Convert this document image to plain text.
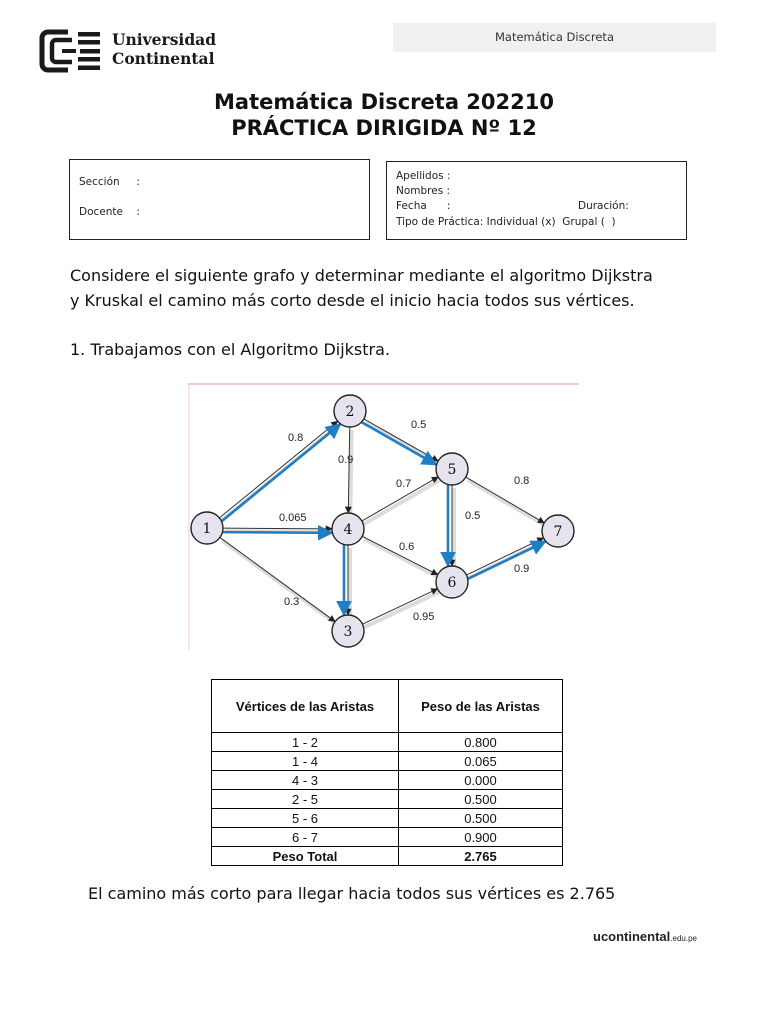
Universidad
Continental
Matemática Discreta
Matemática Discreta 202210
PRÁCTICA DIRIGIDA Nº 12
Sección     :
Docente    :
Apellidos :
Nombres :
Fecha      :	Duración:
Tipo de Práctica: Individual (x)  Grupal (  )
Considere el siguiente grafo y determinar mediante el algoritmo Dijkstra
y Kruskal el camino más corto desde el inicio hacia todos sus vértices.
1. Trabajamos con el Algoritmo Dijkstra.
0.8
0.065
0.3
0.9
0.5
0.7
0.6
0.95
0.5
0.8
0.9
1
2
3
4
5
6
7
Vértices de las Aristas	Peso de las Aristas
1 - 2	0.800
1 - 4	0.065
4 - 3	0.000
2 - 5	0.500
5 - 6	0.500
6 - 7	0.900
Peso Total	2.765
El camino más corto para llegar hacia todos sus vértices es 2.765
ucontinental.edu.pe
